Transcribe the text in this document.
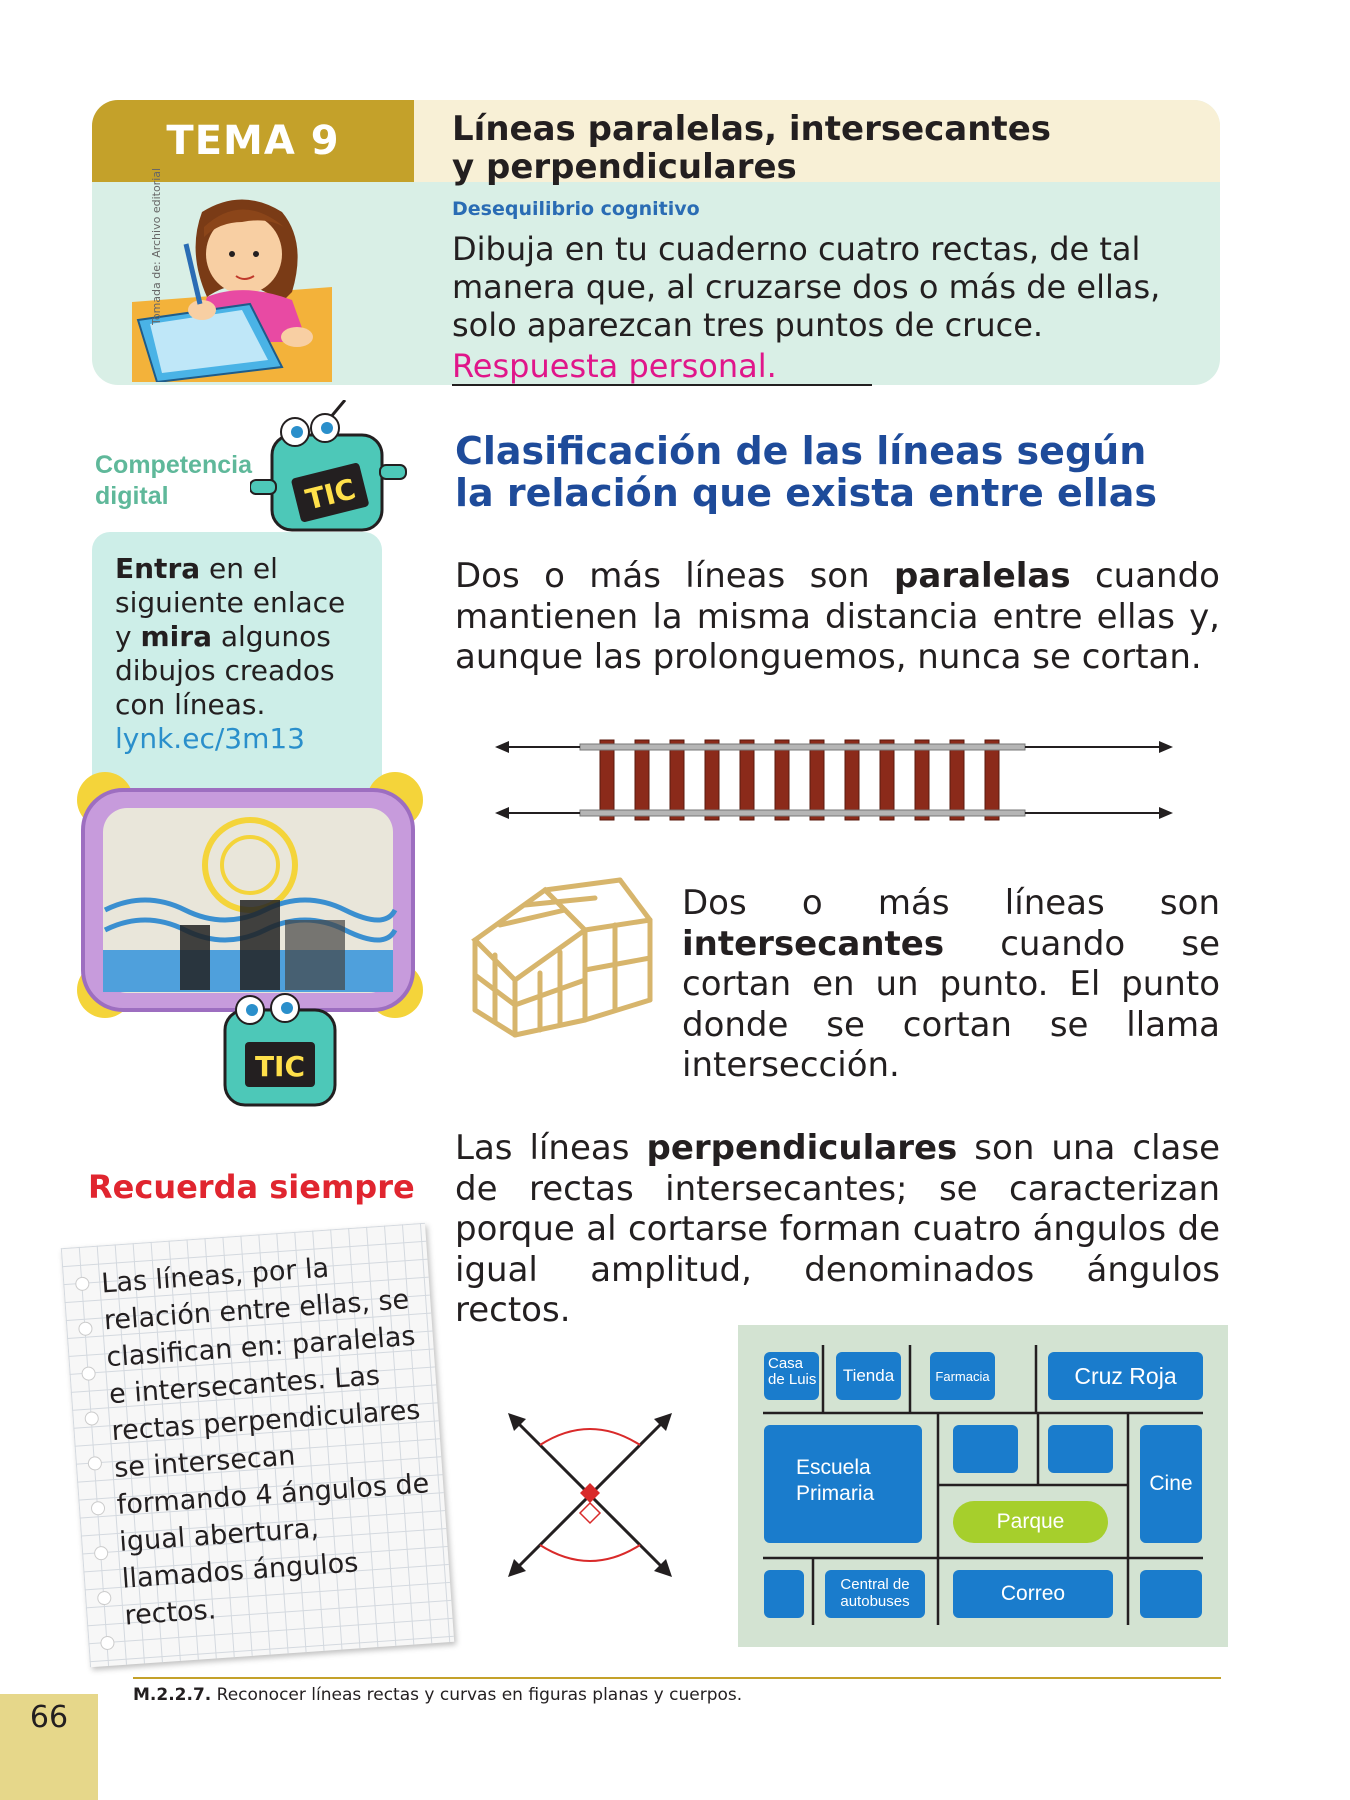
TEMA 9	Líneas paralelas, intersecantes
y perpendiculares
Desequilibrio cognitivo
Dibuja en tu cuaderno cuatro rectas, de tal manera que, al cruzarse dos o más de ellas, solo aparezcan tres puntos de cruce.
Respuesta personal.
Tomada de: Archivo editorial
Competencia
digital	TIC
Entra en el siguiente enlace y mira algunos dibujos creados con líneas.
lynk.ec/3m13
TIC
Recuerda siempre
Las líneas, por la relación entre ellas, se clasifican en: paralelas e intersecantes. Las rectas perpendiculares se intersecan formando 4 ángulos de igual abertura, llamados ángulos rectos.
Clasificación de las líneas según
la relación que exista entre ellas
Dos o más líneas son paralelas cuando mantienen la misma distancia entre ellas y, aunque las prolonguemos, nunca se cortan.
Dos o más líneas son intersecantes cuando se cortan en un punto. El punto donde se cortan se llama intersección.
Las líneas perpendiculares son una clase de rectas intersecantes; se caracterizan porque al cortarse forman cuatro ángulos de igual amplitud, denominados ángulos rectos.
Casa
de Luis	Tienda	Farmacia	Cruz Roja
Escuela
Primaria	Cine
Parque
Central de
autobuses	Correo
M.2.2.7. Reconocer líneas rectas y curvas en figuras planas y cuerpos.
66
